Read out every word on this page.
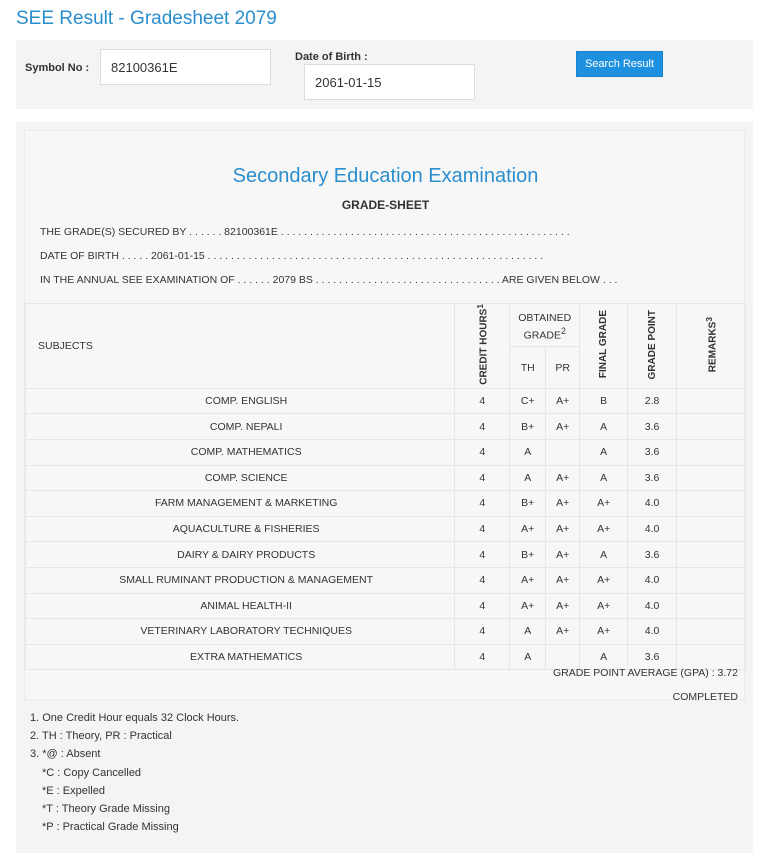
SEE Result - Gradesheet 2079
Symbol No :
82100361E
Date of Birth :
2061-01-15
Search Result
Secondary Education Examination
GRADE-SHEET
THE GRADE(S) SECURED BY . . . . . . 82100361E . . . . . . . . . . . . . . . . . . . . . . . . . . . . . . . . . . . . . . . . . . . . . . . . . .
DATE OF BIRTH . . . . . 2061-01-15 . . . . . . . . . . . . . . . . . . . . . . . . . . . . . . . . . . . . . . . . . . . . . . . . . . . . . . . . . .
IN THE ANNUAL SEE EXAMINATION OF . . . . . . 2079 BS . . . . . . . . . . . . . . . . . . . . . . . . . . . . . . . . ARE GIVEN BELOW . . .
SUBJECTS	CREDIT HOURS$^1$	OBTAINED GRADE$^2$		FINAL GRADE	GRADE POINT	REMARKS$^3$
		TH	PR			
COMP. ENGLISH	4	C+	A+	B	2.8	
COMP. NEPALI	4	B+	A+	A	3.6	
COMP. MATHEMATICS	4	A		A	3.6	
COMP. SCIENCE	4	A	A+	A	3.6	
FARM MANAGEMENT & MARKETING	4	B+	A+	A+	4.0	
AQUACULTURE & FISHERIES	4	A+	A+	A+	4.0	
DAIRY & DAIRY PRODUCTS	4	B+	A+	A	3.6	
SMALL RUMINANT PRODUCTION & MANAGEMENT	4	A+	A+	A+	4.0	
ANIMAL HEALTH-II	4	A+	A+	A+	4.0	
VETERINARY LABORATORY TECHNIQUES	4	A	A+	A+	4.0	
EXTRA MATHEMATICS	4	A		A	3.6	
GRADE POINT AVERAGE (GPA) : 3.72
COMPLETED
1. One Credit Hour equals 32 Clock Hours.
2. TH : Theory, PR : Practical
3. *@ : Absent
*C : Copy Cancelled
*E : Expelled
*T : Theory Grade Missing
*P : Practical Grade Missing
